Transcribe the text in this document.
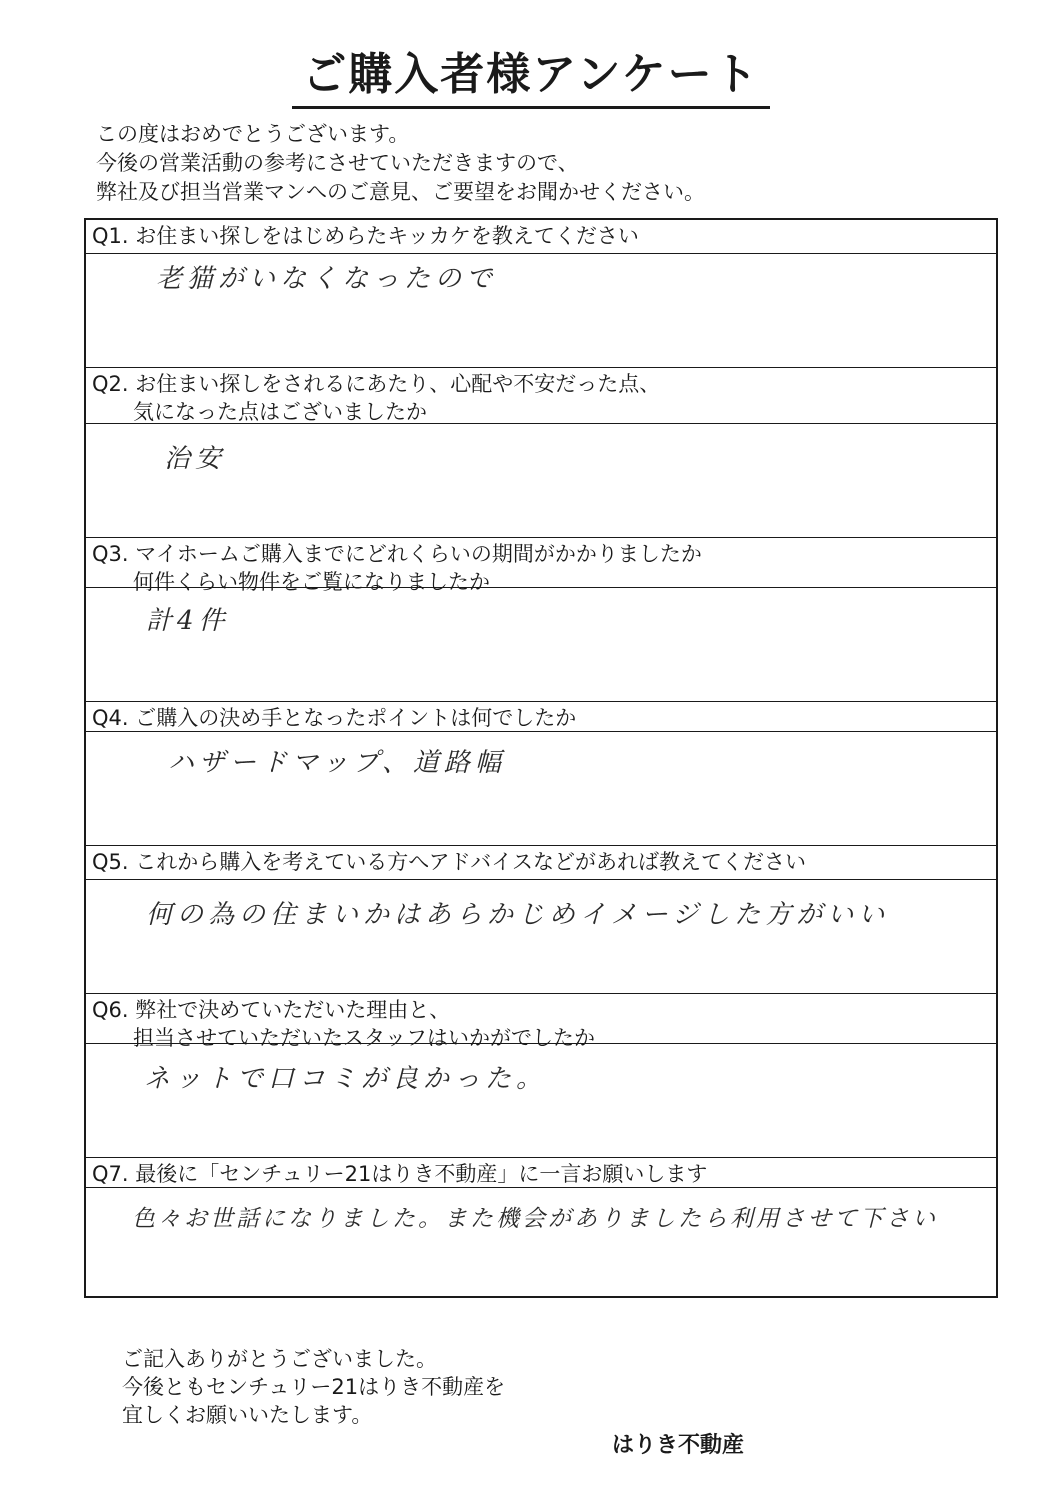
ご購入者様アンケート
この度はおめでとうございます。
今後の営業活動の参考にさせていただきますので、
弊社及び担当営業マンへのご意見、ご要望をお聞かせください。
Q1. お住まい探しをはじめらたキッカケを教えてください
老猫がいなくなったので
Q2. お住まい探しをされるにあたり、心配や不安だった点、
気になった点はございましたか
治安
Q3. マイホームご購入までにどれくらいの期間がかかりましたか
何件くらい物件をご覧になりましたか
計4件
Q4. ご購入の決め手となったポイントは何でしたか
ハザードマップ、道路幅
Q5. これから購入を考えている方へアドバイスなどがあれば教えてください
何の為の住まいかはあらかじめイメージした方がいい
Q6. 弊社で決めていただいた理由と、
担当させていただいたスタッフはいかがでしたか
ネットで口コミが良かった。
Q7. 最後に「センチュリー21はりき不動産」に一言お願いします
色々お世話になりました。また機会がありましたら利用させて下さい
ご記入ありがとうございました。
今後ともセンチュリー21はりき不動産を
宜しくお願いいたします。
はりき不動産
